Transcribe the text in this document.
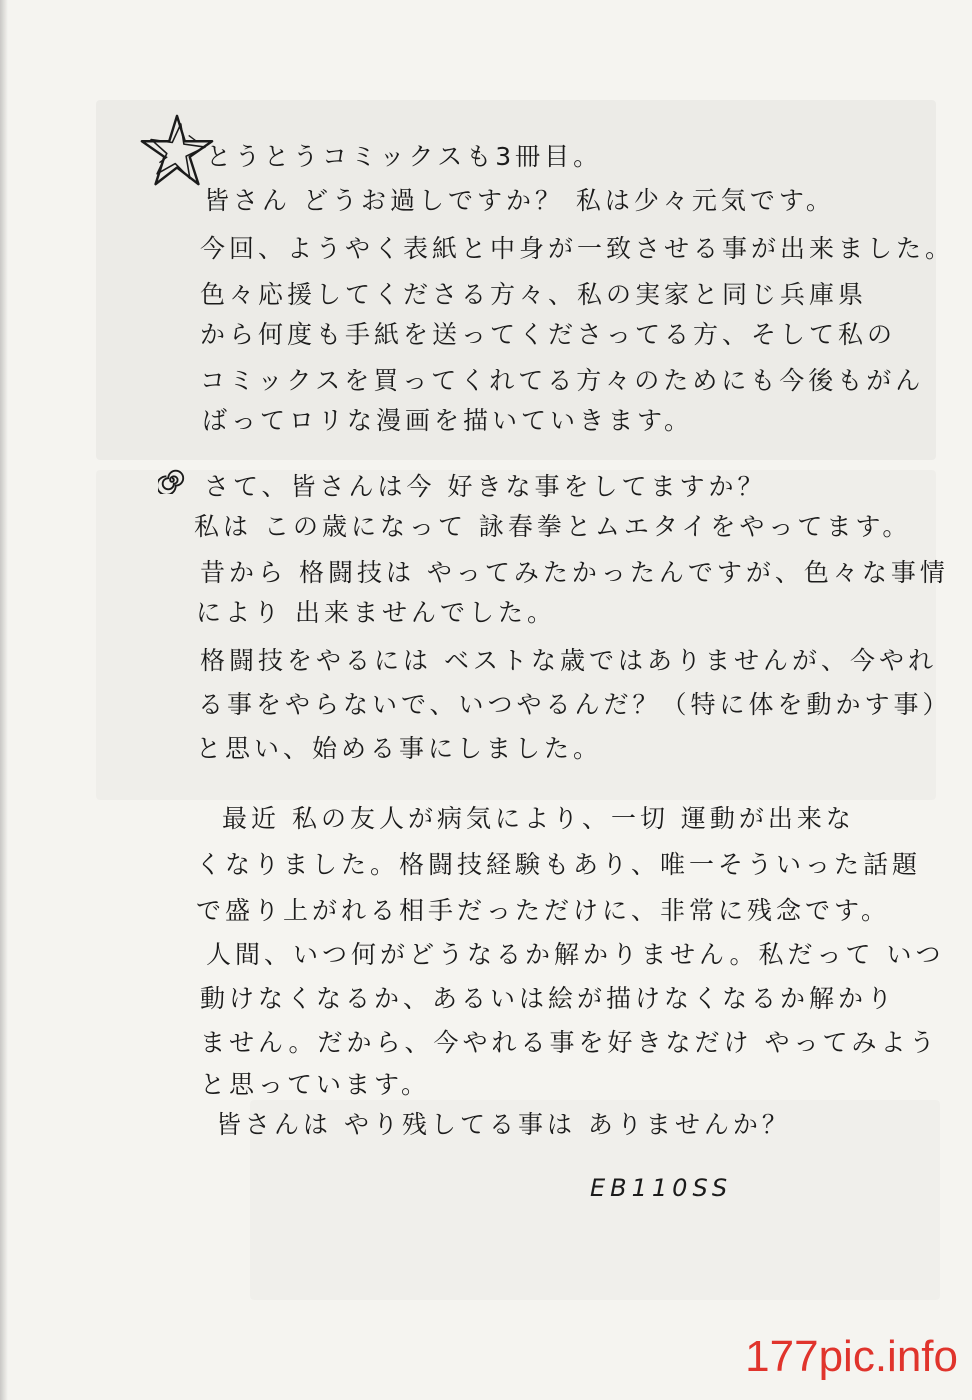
とうとうコミックスも3冊目。
皆さん どうお過しですか？ 私は少々元気です。
今回、ようやく表紙と中身が一致させる事が出来ました。
色々応援してくださる方々、私の実家と同じ兵庫県
から何度も手紙を送ってくださってる方、そして私の
コミックスを買ってくれてる方々のためにも今後もがん
ばってロリな漫画を描いていきます。
さて、皆さんは今 好きな事をしてますか？
私は この歳になって 詠春拳とムエタイをやってます。
昔から 格闘技は やってみたかったんですが、色々な事情
により 出来ませんでした。
格闘技をやるには ベストな歳ではありませんが、今やれ
る事をやらないで、いつやるんだ？（特に体を動かす事）
と思い、始める事にしました。
最近 私の友人が病気により、一切 運動が出来な
くなりました。格闘技経験もあり、唯一そういった話題
で盛り上がれる相手だっただけに、非常に残念です。
人間、いつ何がどうなるか解かりません。私だって いつ
動けなくなるか、あるいは絵が描けなくなるか解かり
ません。だから、今やれる事を好きなだけ やってみよう
と思っています。
皆さんは やり残してる事は ありませんか？
EB110SS
177pic.info
